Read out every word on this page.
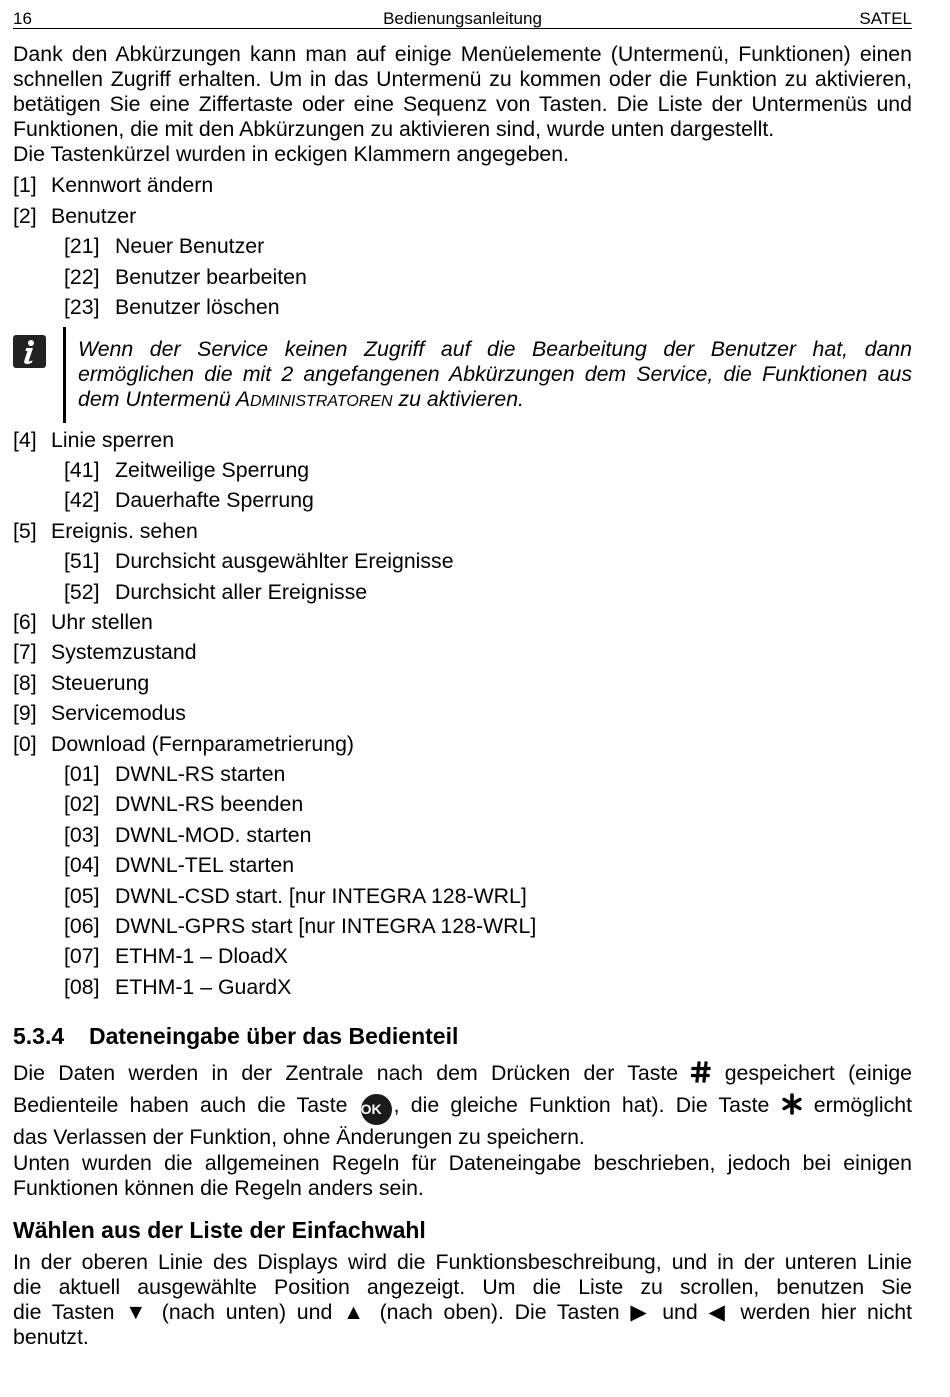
16	Bedienungsanleitung	SATEL
Dank den Abkürzungen kann man auf einige Menüelemente (Untermenü, Funktionen) einen schnellen Zugriff erhalten. Um in das Untermenü zu kommen oder die Funktion zu aktivieren, betätigen Sie eine Ziffertaste oder eine Sequenz von Tasten. Die Liste der Untermenüs und Funktionen, die mit den Abkürzungen zu aktivieren sind, wurde unten dargestellt.
Die Tastenkürzel wurden in eckigen Klammern angegeben.
[1] Kennwort ändern
[2] Benutzer
[21] Neuer Benutzer
[22] Benutzer bearbeiten
[23] Benutzer löschen
Wenn der Service keinen Zugriff auf die Bearbeitung der Benutzer hat, dann ermöglichen die mit 2 angefangenen Abkürzungen dem Service, die Funktionen aus dem Untermenü ADMINISTRATOREN zu aktivieren.
[4] Linie sperren
[41] Zeitweilige Sperrung
[42] Dauerhafte Sperrung
[5] Ereignis. sehen
[51] Durchsicht ausgewählter Ereignisse
[52] Durchsicht aller Ereignisse
[6] Uhr stellen
[7] Systemzustand
[8] Steuerung
[9] Servicemodus
[0] Download (Fernparametrierung)
[01] DWNL-RS starten
[02] DWNL-RS beenden
[03] DWNL-MOD. starten
[04] DWNL-TEL starten
[05] DWNL-CSD start. [nur INTEGRA 128-WRL]
[06] DWNL-GPRS start [nur INTEGRA 128-WRL]
[07] ETHM-1 – DloadX
[08] ETHM-1 – GuardX
5.3.4 Dateneingabe über das Bedienteil
Die Daten werden in der Zentrale nach dem Drücken der Taste gespeichert (einige
Bedienteile haben auch die Taste OK , die gleiche Funktion hat). Die Taste ermöglicht
das Verlassen der Funktion, ohne Änderungen zu speichern.
Unten wurden die allgemeinen Regeln für Dateneingabe beschrieben, jedoch bei einigen Funktionen können die Regeln anders sein.
Wählen aus der Liste der Einfachwahl
In der oberen Linie des Displays wird die Funktionsbeschreibung, und in der unteren Linie
die aktuell ausgewählte Position angezeigt. Um die Liste zu scrollen, benutzen Sie
die Tasten ▼ (nach unten) und ▲ (nach oben). Die Tasten ▶ und ◀ werden hier nicht
benutzt.
